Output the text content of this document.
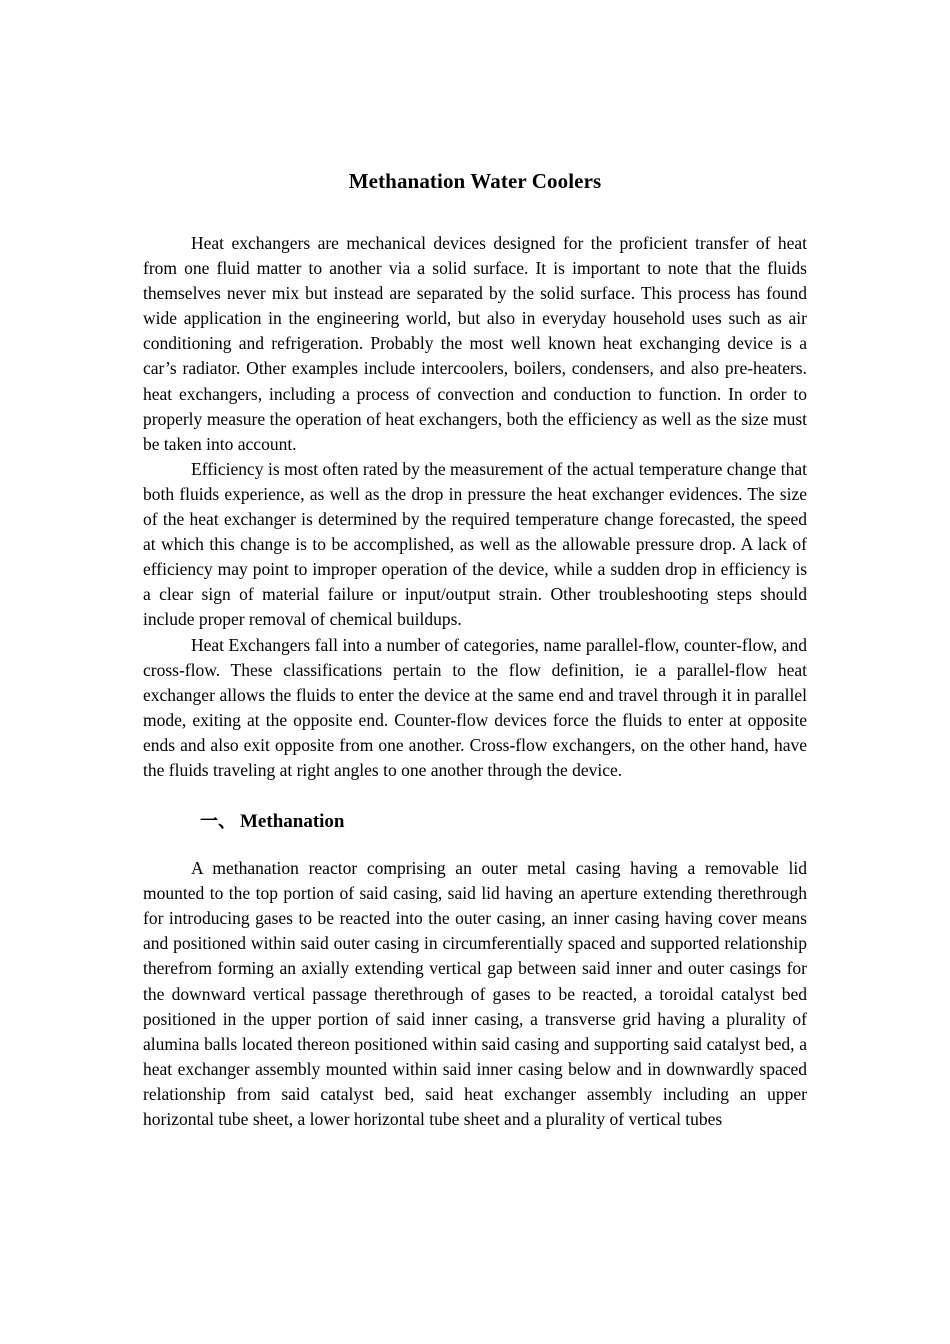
Methanation Water Coolers

Heat exchangers are mechanical devices designed for the proficient transfer of heat from one fluid matter to another via a solid surface. It is important to note that the fluids themselves never mix but instead are separated by the solid surface. This process has found wide application in the engineering world, but also in everyday household uses such as air conditioning and refrigeration. Probably the most well known heat exchanging device is a car’s radiator. Other examples include intercoolers, boilers, condensers, and also pre-heaters. heat exchangers, including a process of convection and conduction to function. In order to properly measure the operation of heat exchangers, both the efficiency as well as the size must be taken into account.

Efficiency is most often rated by the measurement of the actual temperature change that both fluids experience, as well as the drop in pressure the heat exchanger evidences. The size of the heat exchanger is determined by the required temperature change forecasted, the speed at which this change is to be accomplished, as well as the allowable pressure drop. A lack of efficiency may point to improper operation of the device, while a sudden drop in efficiency is a clear sign of material failure or input/output strain. Other troubleshooting steps should include proper removal of chemical buildups.

Heat Exchangers fall into a number of categories, name parallel-flow, counter-flow, and cross-flow. These classifications pertain to the flow definition, ie a parallel-flow heat exchanger allows the fluids to enter the device at the same end and travel through it in parallel mode, exiting at the opposite end. Counter-flow devices force the fluids to enter at opposite ends and also exit opposite from one another. Cross-flow exchangers, on the other hand, have the fluids traveling at right angles to one another through the device.

一、 Methanation

A methanation reactor comprising an outer metal casing having a removable lid mounted to the top portion of said casing, said lid having an aperture extending therethrough for introducing gases to be reacted into the outer casing, an inner casing having cover means and positioned within said outer casing in circumferentially spaced and supported relationship therefrom forming an axially extending vertical gap between said inner and outer casings for the downward vertical passage therethrough of gases to be reacted, a toroidal catalyst bed positioned in the upper portion of said inner casing, a transverse grid having a plurality of alumina balls located thereon positioned within said casing and supporting said catalyst bed, a heat exchanger assembly mounted within said inner casing below and in downwardly spaced relationship from said catalyst bed, said heat exchanger assembly including an upper horizontal tube sheet, a lower horizontal tube sheet and a plurality of vertical tubes
